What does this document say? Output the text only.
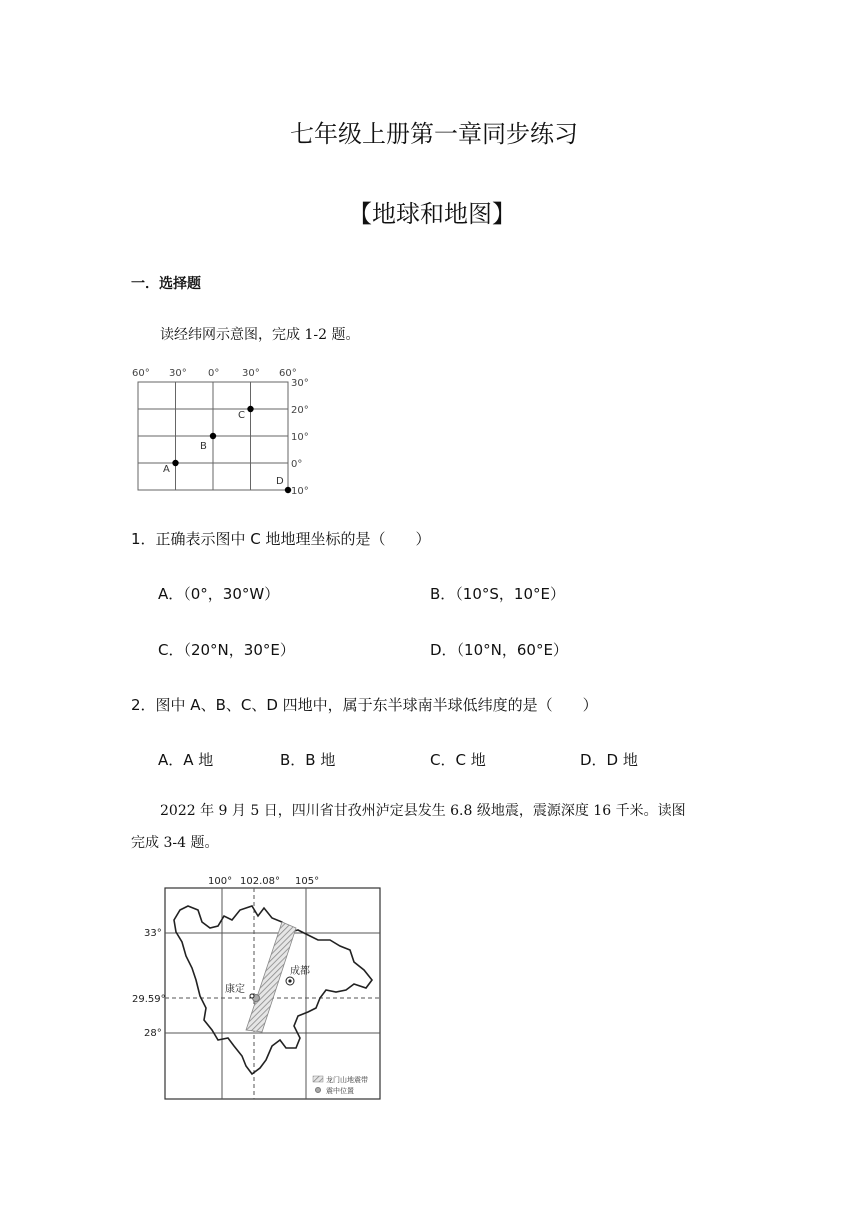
七年级上册第一章同步练习
【地球和地图】
一．选择题
读经纬网示意图，完成 1-2 题。
60° 30° 0° 30° 60°
30°
20°
10°
0°
10°
A
B
C
D
1．正确表示图中 C 地地理坐标的是（　　）
A．（0°，30°W）	B．（10°S，10°E）
C．（20°N，30°E）	D．（10°N，60°E）
2．图中 A、B、C、D 四地中，属于东半球南半球低纬度的是（　　）
A．A 地	B．B 地	C．C 地	D．D 地
2022 年 9 月 5 日，四川省甘孜州泸定县发生 6.8 级地震，震源深度 16 千米。读图
完成 3-4 题。
100° 102.08° 105°
33°
29.59°
28°
成都
康定
龙门山地震带
震中位置
